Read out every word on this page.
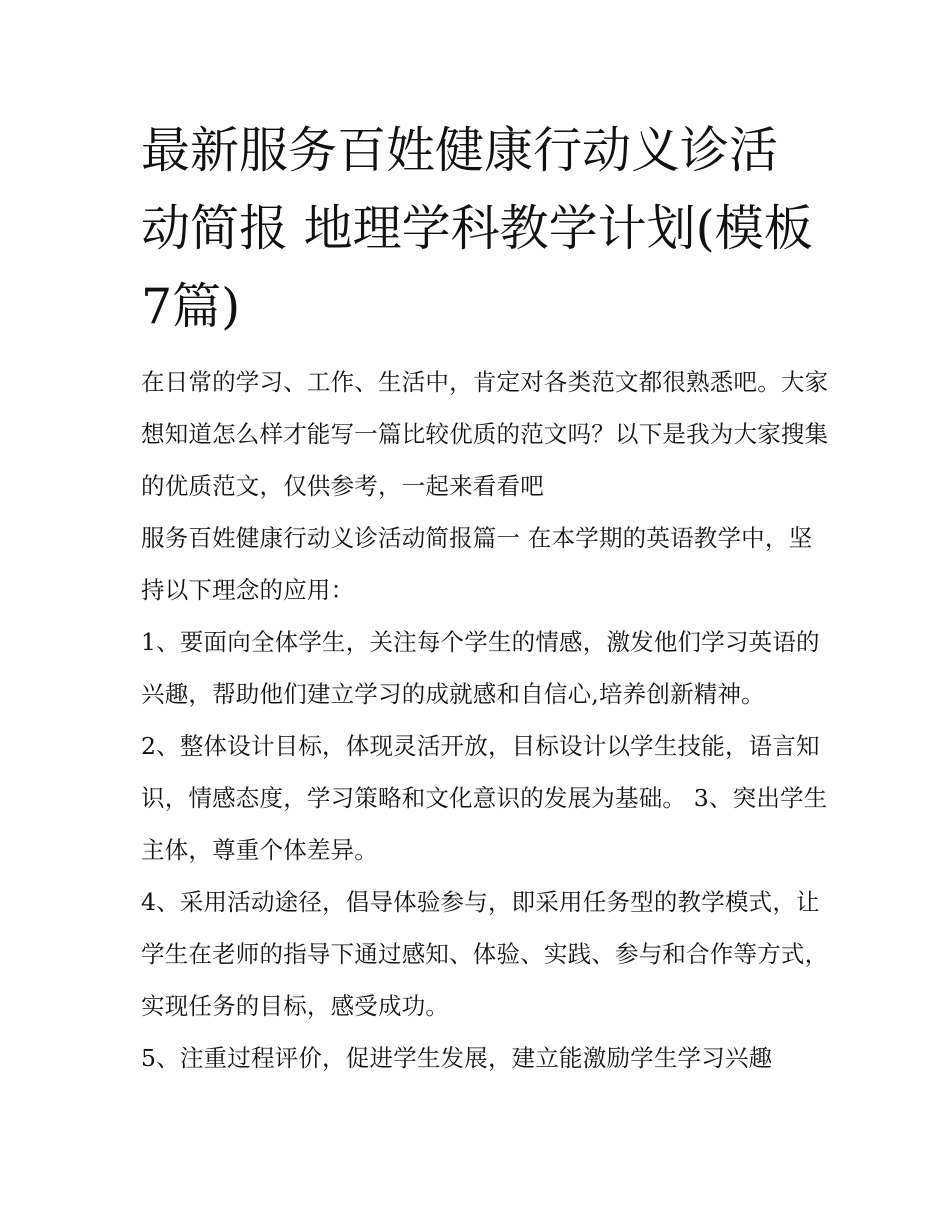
最新服务百姓健康行动义诊活动简报 地理学科教学计划(模板7篇)

在日常的学习、工作、生活中，肯定对各类范文都很熟悉吧。大家想知道怎么样才能写一篇比较优质的范文吗？以下是我为大家搜集的优质范文，仅供参考，一起来看看吧

服务百姓健康行动义诊活动简报篇一 在本学期的英语教学中，坚持以下理念的应用：

1、要面向全体学生，关注每个学生的情感，激发他们学习英语的兴趣，帮助他们建立学习的成就感和自信心,培养创新精神。

2、整体设计目标，体现灵活开放，目标设计以学生技能，语言知识，情感态度，学习策略和文化意识的发展为基础。 3、突出学生主体，尊重个体差异。

4、采用活动途径，倡导体验参与，即采用任务型的教学模式，让学生在老师的指导下通过感知、体验、实践、参与和合作等方式，实现任务的目标，感受成功。

5、注重过程评价，促进学生发展，建立能激励学生学习兴趣
